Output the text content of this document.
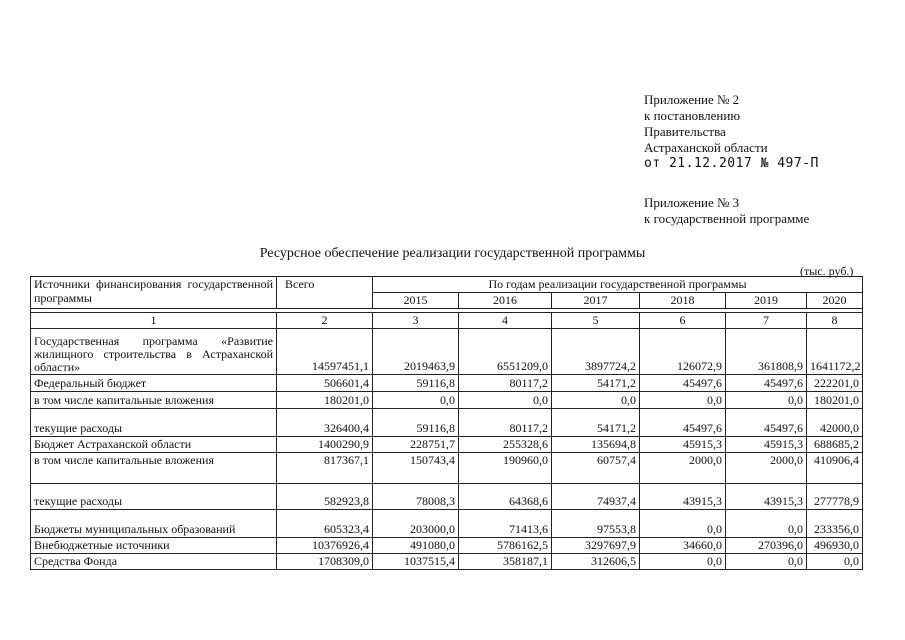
Приложение № 2
к постановлению
Правительства
Астраханской области
от 21.12.2017 № 497-П
Приложение № 3
к государственной программе
Ресурсное обеспечение реализации государственной программы
(тыс. руб.)
Источники финансирования государственной программы	Всего	По годам реализации государственной программы					
		2015	2016	2017	2018	2019	2020

1	2	3	4	5	6	7	8
Государственная программа «Развитие жилищного строительства в Астраханской области»	14597451,1	2019463,9	6551209,0	3897724,2	126072,9	361808,9	1641172,2
Федеральный бюджет	506601,4	59116,8	80117,2	54171,2	45497,6	45497,6	222201,0
в том числе капитальные вложения	180201,0	0,0	0,0	0,0	0,0	0,0	180201,0
текущие расходы	326400,4	59116,8	80117,2	54171,2	45497,6	45497,6	42000,0
Бюджет Астраханской области	1400290,9	228751,7	255328,6	135694,8	45915,3	45915,3	688685,2
в том числе капитальные вложения	817367,1	150743,4	190960,0	60757,4	2000,0	2000,0	410906,4
текущие расходы	582923,8	78008,3	64368,6	74937,4	43915,3	43915,3	277778,9
Бюджеты муниципальных образований	605323,4	203000,0	71413,6	97553,8	0,0	0,0	233356,0
Внебюджетные источники	10376926,4	491080,0	5786162,5	3297697,9	34660,0	270396,0	496930,0
Средства Фонда	1708309,0	1037515,4	358187,1	312606,5	0,0	0,0	0,0
